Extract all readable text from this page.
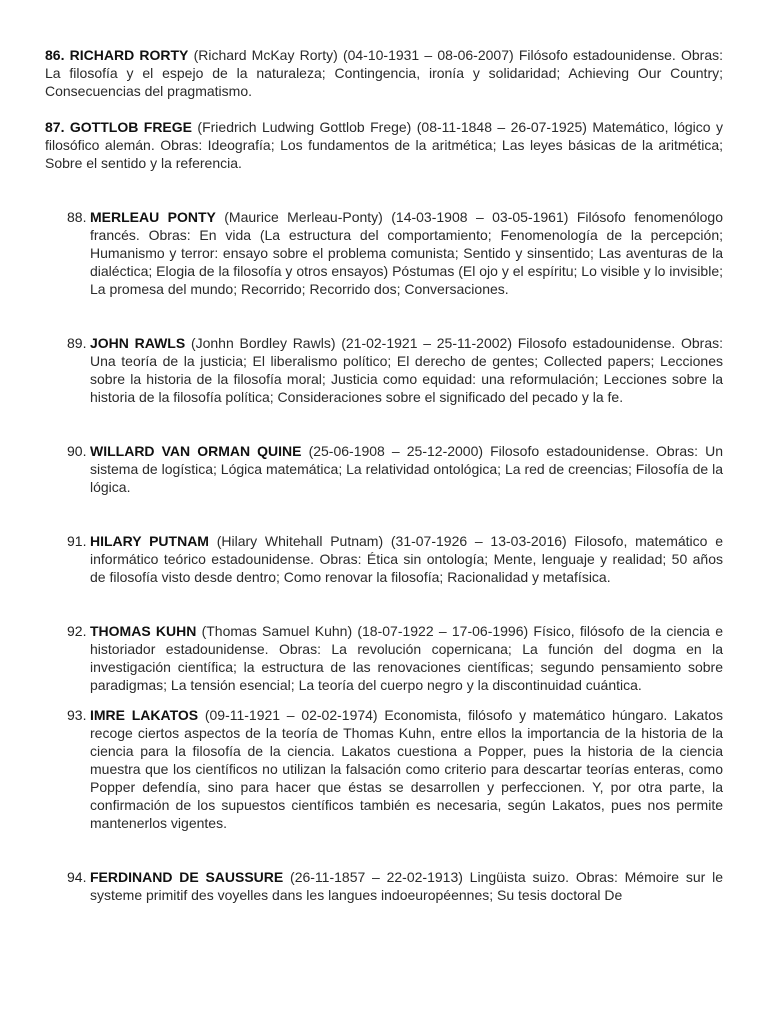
86. RICHARD RORTY (Richard McKay Rorty) (04-10-1931 – 08-06-2007) Filósofo estadounidense. Obras: La filosofía y el espejo de la naturaleza; Contingencia, ironía y solidaridad; Achieving Our Country; Consecuencias del pragmatismo.

87. GOTTLOB FREGE (Friedrich Ludwing Gottlob Frege) (08-11-1848 – 26-07-1925) Matemático, lógico y filosófico alemán. Obras: Ideografía; Los fundamentos de la aritmética; Las leyes básicas de la aritmética; Sobre el sentido y la referencia.

88. MERLEAU PONTY (Maurice Merleau-Ponty) (14-03-1908 – 03-05-1961) Filósofo fenomenólogo francés. Obras: En vida (La estructura del comportamiento; Fenomenología de la percepción; Humanismo y terror: ensayo sobre el problema comunista; Sentido y sinsentido; Las aventuras de la dialéctica; Elogia de la filosofía y otros ensayos) Póstumas (El ojo y el espíritu; Lo visible y lo invisible; La promesa del mundo; Recorrido; Recorrido dos; Conversaciones.
89. JOHN RAWLS (Jonhn Bordley Rawls) (21-02-1921 – 25-11-2002) Filosofo estadounidense. Obras: Una teoría de la justicia; El liberalismo político; El derecho de gentes; Collected papers; Lecciones sobre la historia de la filosofía moral; Justicia como equidad: una reformulación; Lecciones sobre la historia de la filosofía política; Consideraciones sobre el significado del pecado y la fe.
90. WILLARD VAN ORMAN QUINE (25-06-1908 – 25-12-2000) Filosofo estadounidense. Obras: Un sistema de logística; Lógica matemática; La relatividad ontológica; La red de creencias; Filosofía de la lógica.
91. HILARY PUTNAM (Hilary Whitehall Putnam) (31-07-1926 – 13-03-2016) Filosofo, matemático e informático teórico estadounidense. Obras: Ética sin ontología; Mente, lenguaje y realidad; 50 años de filosofía visto desde dentro; Como renovar la filosofía; Racionalidad y metafísica.
92. THOMAS KUHN (Thomas Samuel Kuhn) (18-07-1922 – 17-06-1996) Físico, filósofo de la ciencia e historiador estadounidense. Obras: La revolución copernicana; La función del dogma en la investigación científica; la estructura de las renovaciones científicas; segundo pensamiento sobre paradigmas; La tensión esencial; La teoría del cuerpo negro y la discontinuidad cuántica.
93. IMRE LAKATOS (09-11-1921 – 02-02-1974) Economista, filósofo y matemático húngaro. Lakatos recoge ciertos aspectos de la teoría de Thomas Kuhn, entre ellos la importancia de la historia de la ciencia para la filosofía de la ciencia. Lakatos cuestiona a Popper, pues la historia de la ciencia muestra que los científicos no utilizan la falsación como criterio para descartar teorías enteras, como Popper defendía, sino para hacer que éstas se desarrollen y perfeccionen. Y, por otra parte, la confirmación de los supuestos científicos también es necesaria, según Lakatos, pues nos permite mantenerlos vigentes.
94. FERDINAND DE SAUSSURE (26-11-1857 – 22-02-1913) Lingüista suizo. Obras: Mémoire sur le systeme primitif des voyelles dans les langues indoeuropéennes; Su tesis doctoral De
